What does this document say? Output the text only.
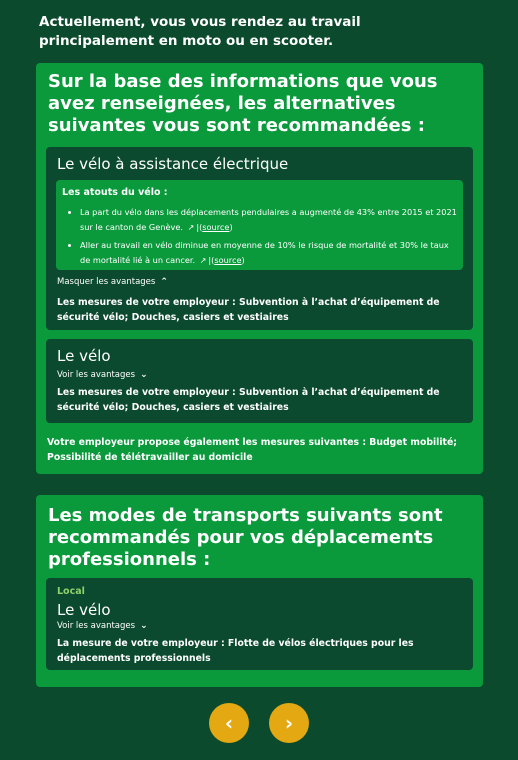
Actuellement, vous vous rendez au travail principalement en moto ou en scooter.
Sur la base des informations que vous avez renseignées, les alternatives suivantes vous sont recommandées :
Le vélo à assistance électrique
Les atouts du vélo :
• La part du vélo dans les déplacements pendulaires a augmenté de 43% entre 2015 et 2021 sur le canton de Genève. ↗ |(source)
• Aller au travail en vélo diminue en moyenne de 10% le risque de mortalité et 30% le taux de mortalité lié à un cancer. ↗ |(source)
Masquer les avantages ⌃
Les mesures de votre employeur : Subvention à l’achat d’équipement de sécurité vélo; Douches, casiers et vestiaires
Le vélo
Voir les avantages ⌄
Les mesures de votre employeur : Subvention à l’achat d’équipement de sécurité vélo; Douches, casiers et vestiaires
Votre employeur propose également les mesures suivantes : Budget mobilité; Possibilité de télétravailler au domicile
Les modes de transports suivants sont recommandés pour vos déplacements professionnels :
Local
Le vélo
Voir les avantages ⌄
La mesure de votre employeur : Flotte de vélos électriques pour les déplacements professionnels
‹	›
